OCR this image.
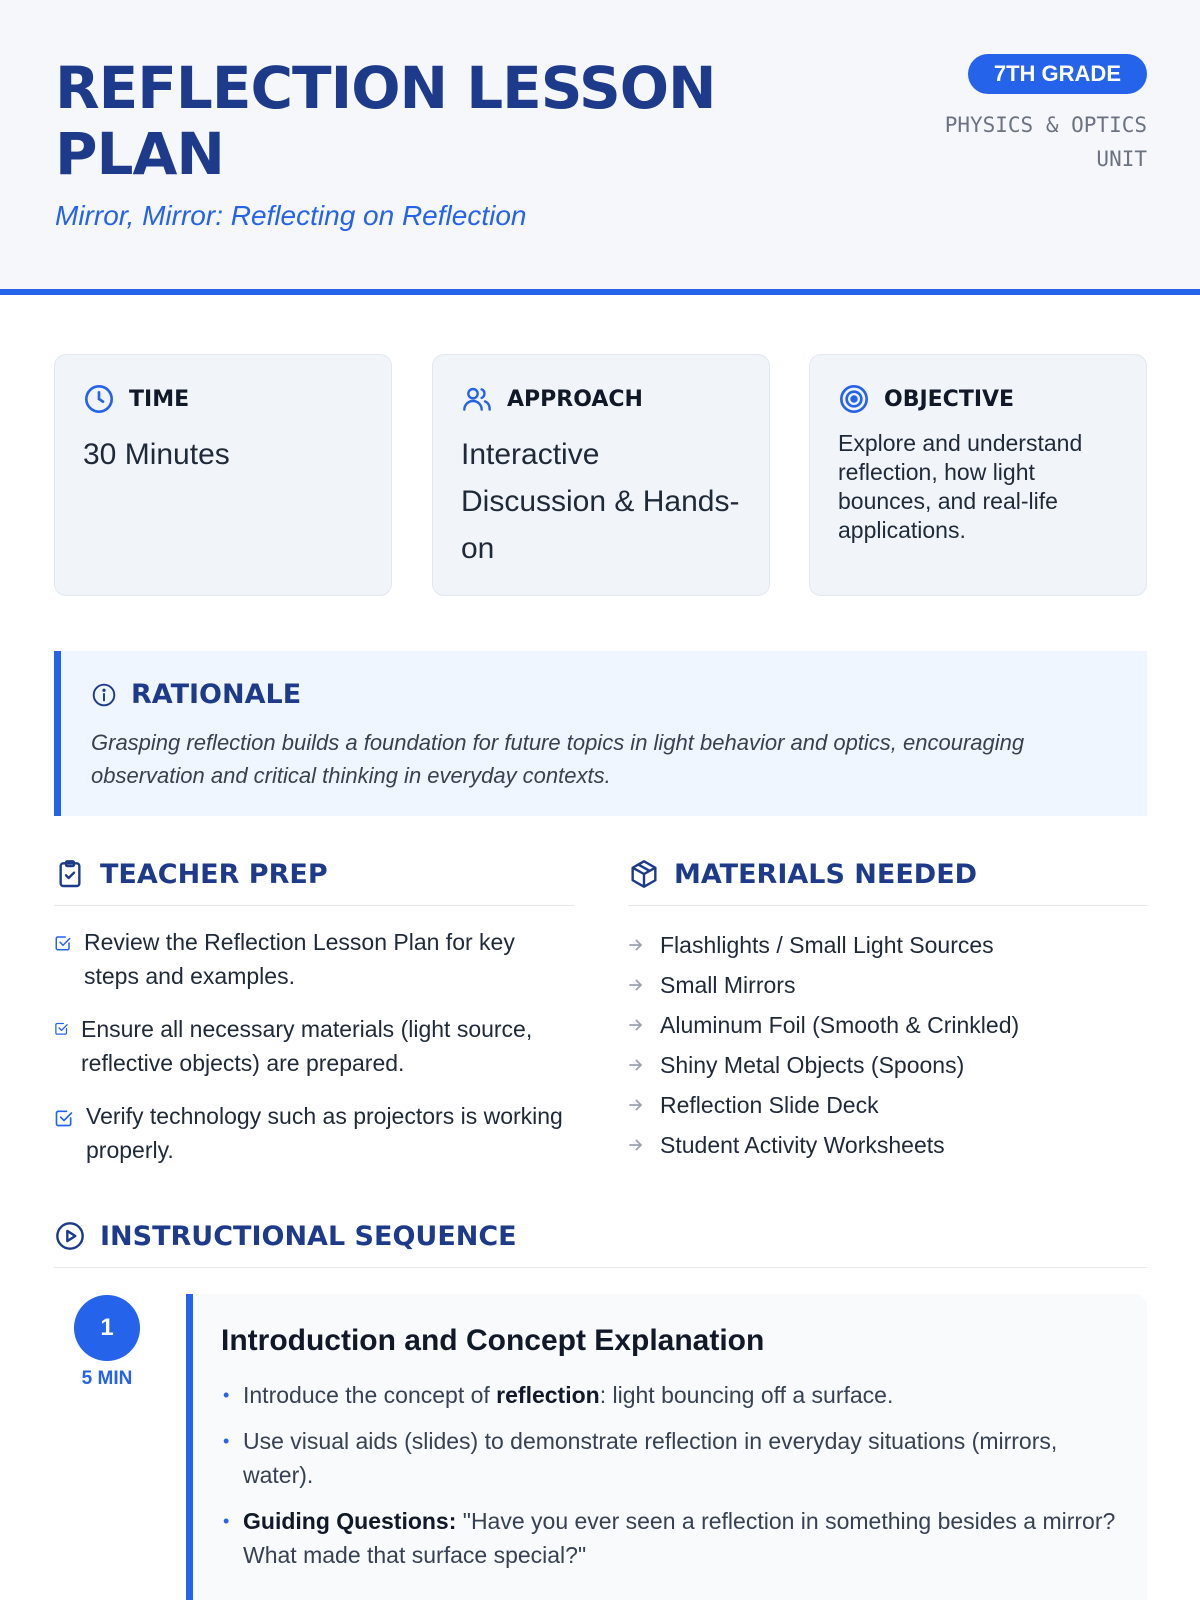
REFLECTION LESSON PLAN
Mirror, Mirror: Reflecting on Reflection
7TH GRADE
PHYSICS & OPTICS UNIT
TIME
30 Minutes
APPROACH
Interactive Discussion & Hands-on
OBJECTIVE
Explore and understand reflection, how light bounces, and real-life applications.
RATIONALE

Grasping reflection builds a foundation for future topics in light behavior and optics, encouraging observation and critical thinking in everyday contexts.

TEACHER PREP
Review the Reflection Lesson Plan for key steps and examples.
Ensure all necessary materials (light source, reflective objects) are prepared.
Verify technology such as projectors is working properly.
MATERIALS NEEDED
Flashlights / Small Light Sources
Small Mirrors
Aluminum Foil (Smooth & Crinkled)
Shiny Metal Objects (Spoons)
Reflection Slide Deck
Student Activity Worksheets
INSTRUCTIONAL SEQUENCE
1
5 MIN
Introduction and Concept Explanation
• Introduce the concept of reflection: light bouncing off a surface.
• Use visual aids (slides) to demonstrate reflection in everyday situations (mirrors, water).
• Guiding Questions: "Have you ever seen a reflection in something besides a mirror? What made that surface special?"
